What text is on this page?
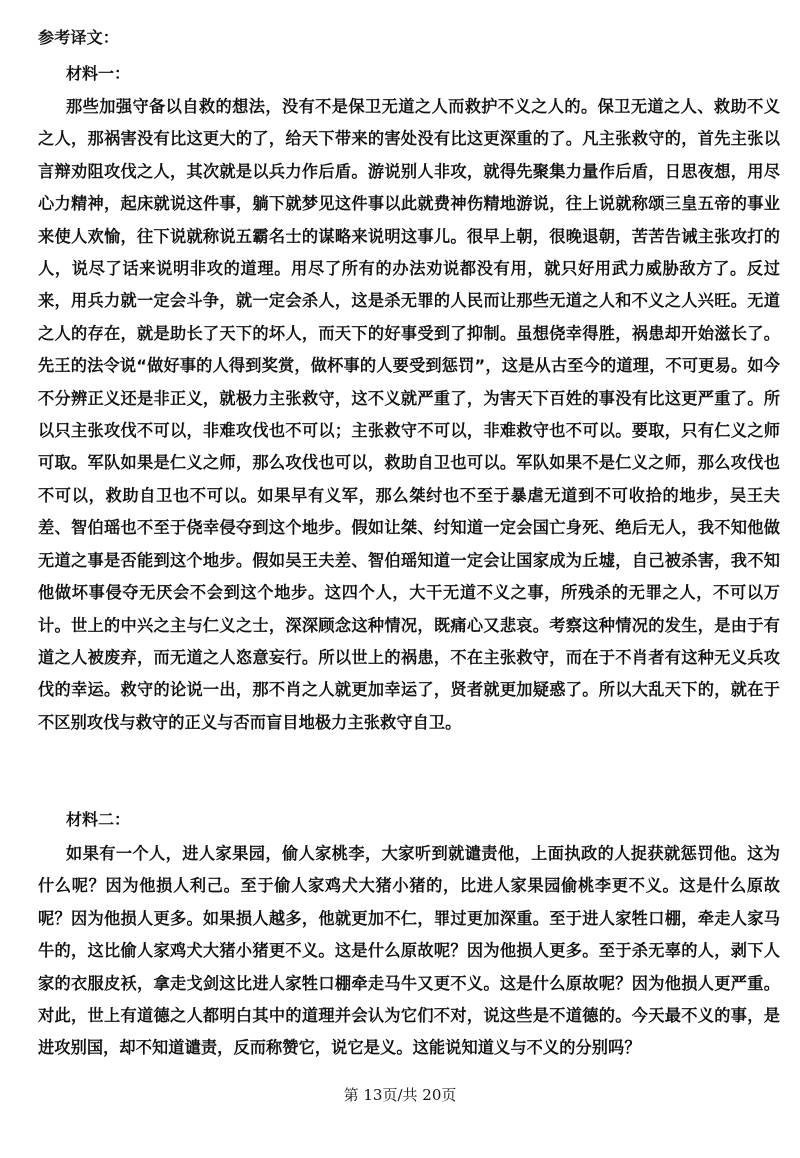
参考译文：
材料一：

那些加强守备以自救的想法，没有不是保卫无道之人而救护不义之人的。保卫无道之人、救助不义之人，那祸害没有比这更大的了，给天下带来的害处没有比这更深重的了。凡主张救守的，首先主张以言辩劝阻攻伐之人，其次就是以兵力作后盾。游说别人非攻，就得先聚集力量作后盾，日思夜想，用尽心力精神，起床就说这件事，躺下就梦见这件事以此就费神伤精地游说，往上说就称颂三皇五帝的事业来使人欢愉，往下说就称说五霸名士的谋略来说明这事儿。很早上朝，很晚退朝，苦苦告诫主张攻打的人，说尽了话来说明非攻的道理。用尽了所有的办法劝说都没有用，就只好用武力威胁敌方了。反过来，用兵力就一定会斗争，就一定会杀人，这是杀无罪的人民而让那些无道之人和不义之人兴旺。无道之人的存在，就是助长了天下的坏人，而天下的好事受到了抑制。虽想侥幸得胜，祸患却开始滋长了。先王的法令说“做好事的人得到奖赏，做杯事的人要受到惩罚”，这是从古至今的道理，不可更易。如今不分辨正义还是非正义，就极力主张救守，这不义就严重了，为害天下百姓的事没有比这更严重了。所以只主张攻伐不可以，非难攻伐也不可以；主张救守不可以，非难救守也不可以。要取，只有仁义之师可取。军队如果是仁义之师，那么攻伐也可以，救助自卫也可以。军队如果不是仁义之师，那么攻伐也不可以，救助自卫也不可以。如果早有义军，那么桀纣也不至于暴虐无道到不可收拾的地步，吴王夫差、智伯瑶也不至于侥幸侵夺到这个地步。假如让桀、纣知道一定会国亡身死、绝后无人，我不知他做无道之事是否能到这个地步。假如吴王夫差、智伯瑶知道一定会让国家成为丘墟，自己被杀害，我不知他做坏事侵夺无厌会不会到这个地步。这四个人，大干无道不义之事，所残杀的无罪之人，不可以万计。世上的中兴之主与仁义之士，深深顾念这种情况，既痛心又悲哀。考察这种情况的发生，是由于有道之人被废弃，而无道之人恣意妄行。所以世上的祸患，不在主张救守，而在于不肖者有这种无义兵攻伐的幸运。救守的论说一出，那不肖之人就更加幸运了，贤者就更加疑惑了。所以大乱天下的，就在于不区别攻伐与救守的正义与否而盲目地极力主张救守自卫。

材料二：

如果有一个人，进人家果园，偷人家桃李，大家听到就谴责他，上面执政的人捉获就惩罚他。这为什么呢？因为他损人利己。至于偷人家鸡犬大猪小猪的，比进人家果园偷桃李更不义。这是什么原故呢？因为他损人更多。如果损人越多，他就更加不仁，罪过更加深重。至于进人家牲口棚，牵走人家马牛的，这比偷人家鸡犬大猪小猪更不义。这是什么原故呢？因为他损人更多。至于杀无辜的人，剥下人家的衣服皮袄，拿走戈剑这比进人家牲口棚牵走马牛又更不义。这是什么原故呢？因为他损人更严重。对此，世上有道德之人都明白其中的道理并会认为它们不对，说这些是不道德的。今天最不义的事，是进攻别国，却不知道谴责，反而称赞它，说它是义。这能说知道义与不义的分别吗？

第 13页/共 20页
